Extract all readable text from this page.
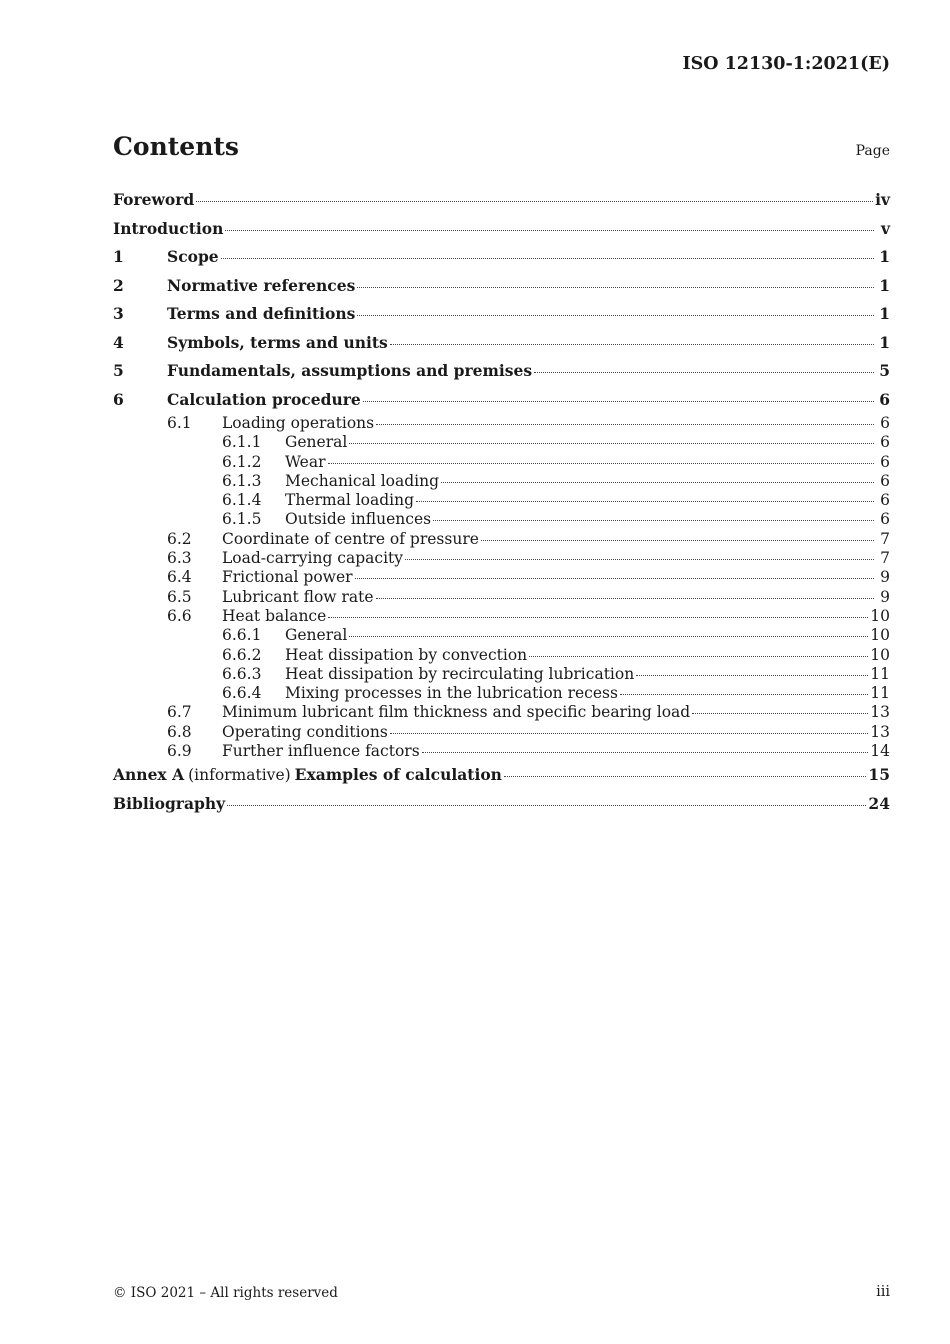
ISO 12130-1:2021(E)
Contents	Page
Foreword	iv
Introduction	v
1	Scope	1
2	Normative references	1
3	Terms and definitions	1
4	Symbols, terms and units	1
5	Fundamentals, assumptions and premises	5
6	Calculation procedure	6
6.1	Loading operations	6
6.1.1	General	6
6.1.2	Wear	6
6.1.3	Mechanical loading	6
6.1.4	Thermal loading	6
6.1.5	Outside influences	6
6.2	Coordinate of centre of pressure	7
6.3	Load-carrying capacity	7
6.4	Frictional power	9
6.5	Lubricant flow rate	9
6.6	Heat balance	10
6.6.1	General	10
6.6.2	Heat dissipation by convection	10
6.6.3	Heat dissipation by recirculating lubrication	11
6.6.4	Mixing processes in the lubrication recess	11
6.7	Minimum lubricant film thickness and specific bearing load	13
6.8	Operating conditions	13
6.9	Further influence factors	14
Annex A (informative) Examples of calculation	15
Bibliography	24
© ISO 2021 – All rights reserved	iii
